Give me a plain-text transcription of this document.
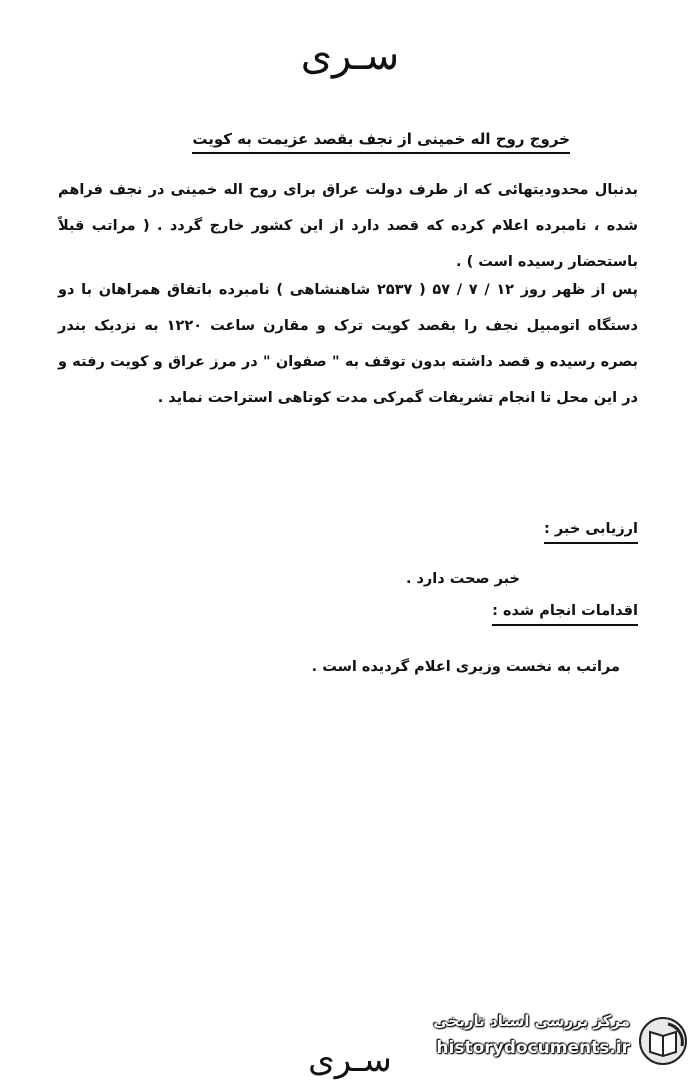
سـری
خروج روح اله خمینی از نجف بقصد عزیمت به کویت
بدنبال محدودیتهائی که از طرف دولت عراق برای روح اله خمینی در نجف فراهم شده ، نامبرده اعلام کرده که قصد دارد از این کشور خارج گردد . ( مراتب قبلاً باستحضار رسیده است ) .
پس از ظهر روز ۱۲ / ۷ / ۵۷ ( ۲۵۳۷ شاهنشاهی ) نامبرده باتفاق همراهان با دو دستگاه اتومبیل نجف را بقصد کویت ترک و مقارن ساعت ۱۲۲۰ به نزدیک بندر بصره رسیده و قصد داشته بدون توقف به " صفوان " در مرز عراق و کویت رفته و در این محل تا انجام تشریفات گمرکی مدت کوتاهی استراحت نماید .
ارزیابی خبر :
خبر صحت دارد .
اقدامات انجام شده :
مراتب به نخست وزیری اعلام گردیده است .
سـری
مرکز بررسی اسناد تاریخی
historydocuments.ir
